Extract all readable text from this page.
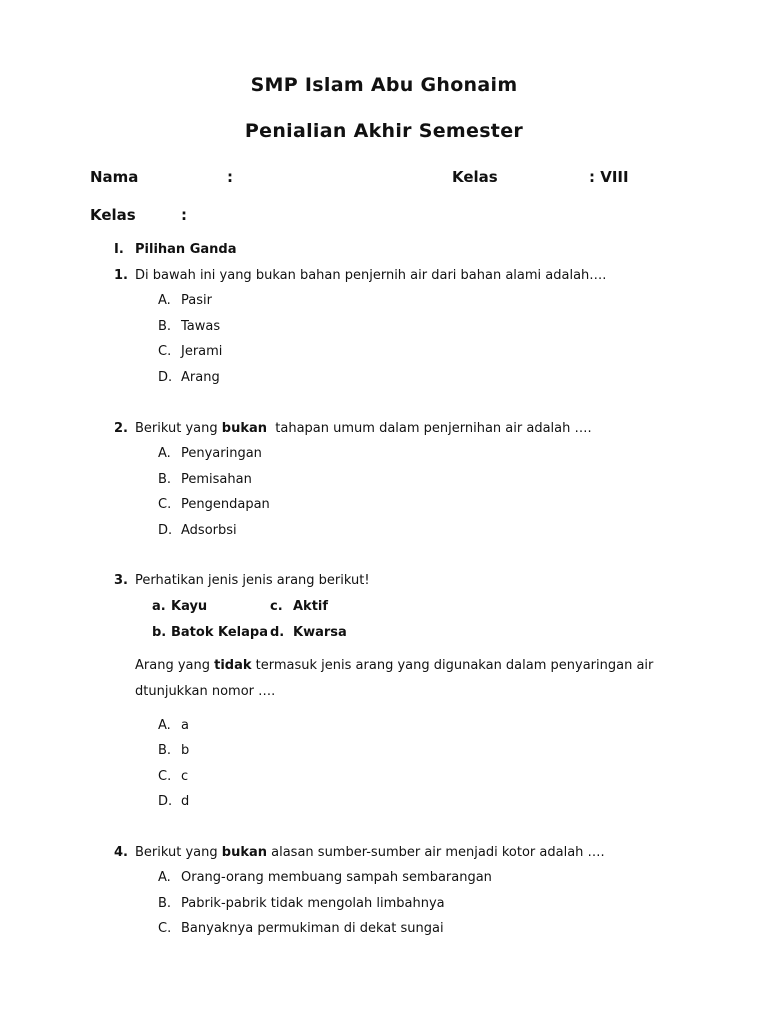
SMP Islam Abu Ghonaim
Penialian Akhir Semester
Nama	:	Kelas	: VIII
Kelas	:
I. Pilihan Ganda
1. Di bawah ini yang bukan bahan penjernih air dari bahan alami adalah….
A. Pasir
B. Tawas
C. Jerami
D. Arang
2. Berikut yang bukan tahapan umum dalam penjernihan air adalah ….
A. Penyaringan
B. Pemisahan
C. Pengendapan
D. Adsorbsi
3. Perhatikan jenis jenis arang berikut!
a. Kayu	c. Aktif
b. Batok Kelapa d. Kwarsa
Arang yang tidak termasuk jenis arang yang digunakan dalam penyaringan air
dtunjukkan nomor ….
A. a
B. b
C. c
D. d
4. Berikut yang bukan alasan sumber-sumber air menjadi kotor adalah ….
A. Orang-orang membuang sampah sembarangan
B. Pabrik-pabrik tidak mengolah limbahnya
C. Banyaknya permukiman di dekat sungai
